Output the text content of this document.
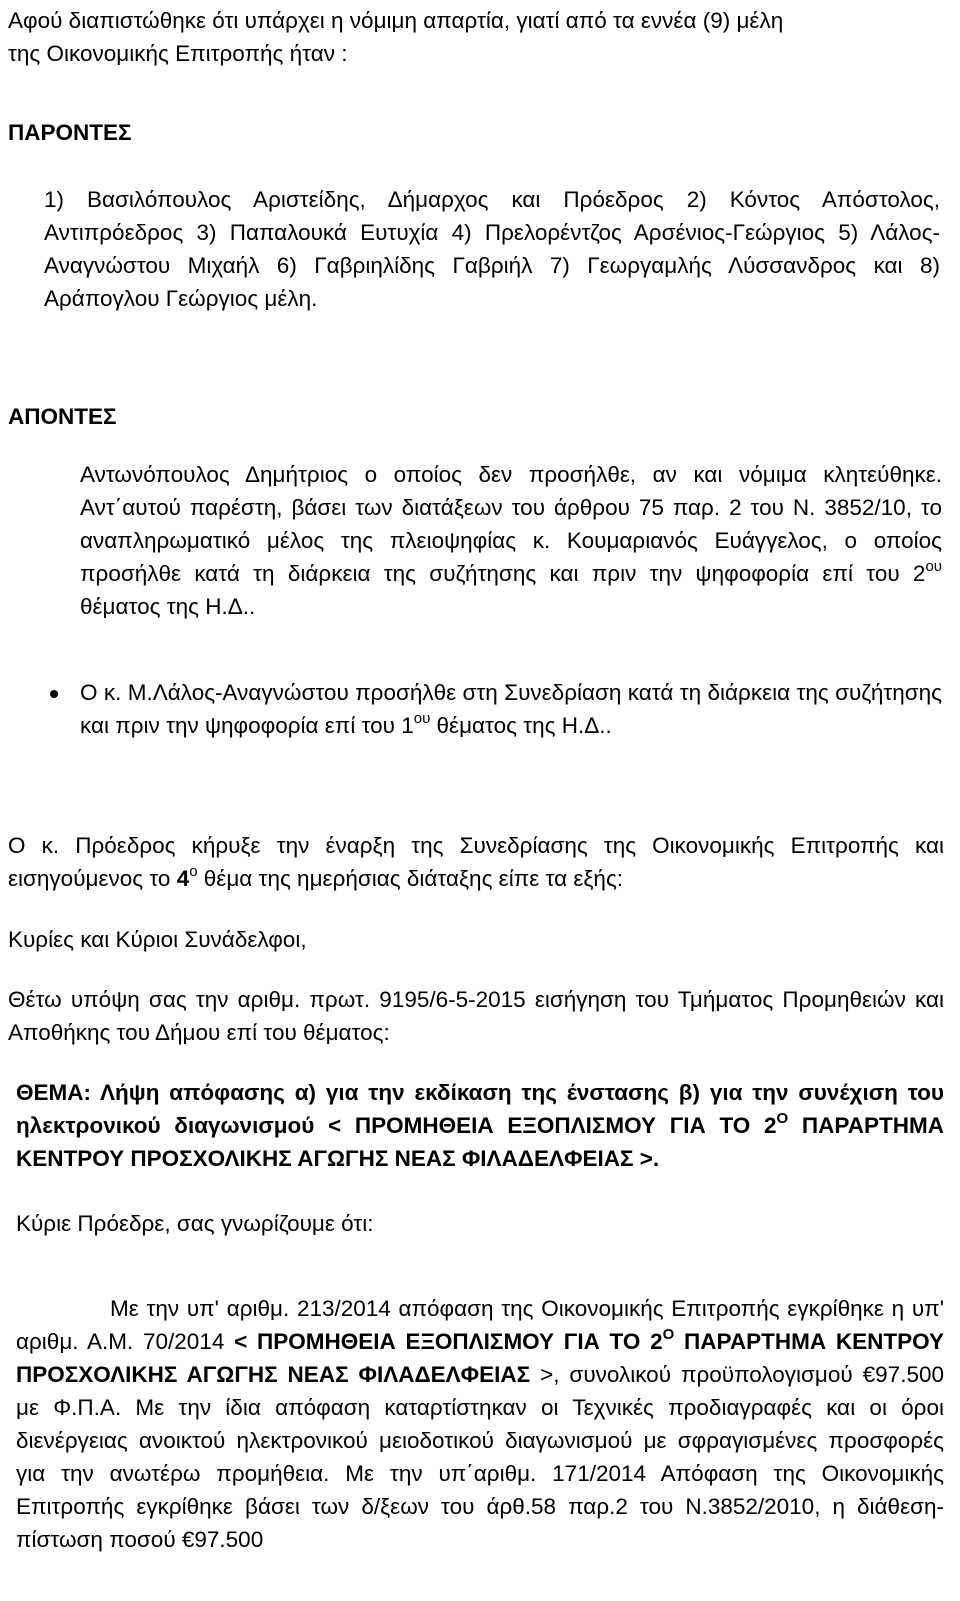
Αφού διαπιστώθηκε ότι υπάρχει η νόμιμη απαρτία, γιατί από τα εννέα (9) μέλη

της Οικονομικής Επιτροπής ήταν :

ΠΑΡΟΝΤΕΣ

1) Βασιλόπουλος Αριστείδης, Δήμαρχος και Πρόεδρος 2) Κόντος Απόστολος, Αντιπρόεδρος 3) Παπαλουκά Ευτυχία 4) Πρελορέντζος Αρσένιος-Γεώργιος 5) Λάλος-Αναγνώστου Μιχαήλ 6) Γαβριηλίδης Γαβριήλ 7) Γεωργαμλής Λύσσανδρος και 8) Αράπογλου Γεώργιος μέλη.

ΑΠΟΝΤΕΣ

Αντωνόπουλος Δημήτριος ο οποίος δεν προσήλθε, αν και νόμιμα κλητεύθηκε. Αντ΄αυτού παρέστη, βάσει των διατάξεων του άρθρου 75 παρ. 2 του Ν. 3852/10, το αναπληρωματικό μέλος της πλειοψηφίας κ. Κουμαριανός Ευάγγελος, ο οποίος προσήλθε κατά τη διάρκεια της συζήτησης και πριν την ψηφοφορία επί του $2^{o\upsilon}$ θέματος της Η.Δ..

Ο κ. Μ.Λάλος-Αναγνώστου προσήλθε στη Συνεδρίαση κατά τη διάρκεια της συζήτησης και πριν την ψηφοφορία επί του $1^{o\upsilon}$ θέματος της Η.Δ..

Ο κ. Πρόεδρος κήρυξε την έναρξη της Συνεδρίασης της Οικονομικής Επιτροπής και εισηγούμενος το $4^o$ θέμα της ημερήσιας διάταξης είπε τα εξής:

Κυρίες και Κύριοι Συνάδελφοι,

Θέτω υπόψη σας την αριθμ. πρωτ. 9195/6-5-2015 εισήγηση του Τμήματος Προμηθειών και Αποθήκης του Δήμου επί του θέματος:

ΘΕΜΑ: Λήψη απόφασης α) για την εκδίκαση της ένστασης β) για την συνέχιση του ηλεκτρονικού διαγωνισμού < ΠΡΟΜΗΘΕΙΑ ΕΞΟΠΛΙΣΜΟΥ ΓΙΑ ΤΟ $2^O$ ΠΑΡΑΡΤΗΜΑ ΚΕΝΤΡΟΥ ΠΡΟΣΧΟΛΙΚΗΣ ΑΓΩΓΗΣ ΝΕΑΣ ΦΙΛΑΔΕΛΦΕΙΑΣ >.

Κύριε Πρόεδρε, σας γνωρίζουμε ότι:

Με την υπ' αριθμ. 213/2014 απόφαση της Οικονομικής Επιτροπής εγκρίθηκε η υπ' αριθμ. Α.Μ. 70/2014 < ΠΡΟΜΗΘΕΙΑ ΕΞΟΠΛΙΣΜΟΥ ΓΙΑ ΤΟ $2^O$ ΠΑΡΑΡΤΗΜΑ ΚΕΝΤΡΟΥ ΠΡΟΣΧΟΛΙΚΗΣ ΑΓΩΓΗΣ ΝΕΑΣ ΦΙΛΑΔΕΛΦΕΙΑΣ >, συνολικού προϋπολογισμού €97.500 με Φ.Π.Α. Με την ίδια απόφαση καταρτίστηκαν οι Τεχνικές προδιαγραφές και οι όροι διενέργειας ανοικτού ηλεκτρονικού μειοδοτικού διαγωνισμού με σφραγισμένες προσφορές για την ανωτέρω προμήθεια. Με την υπ΄αριθμ. 171/2014 Απόφαση της Οικονομικής Επιτροπής εγκρίθηκε βάσει των δ/ξεων του άρθ.58 παρ.2 του Ν.3852/2010, η διάθεση-πίστωση ποσού €97.500
